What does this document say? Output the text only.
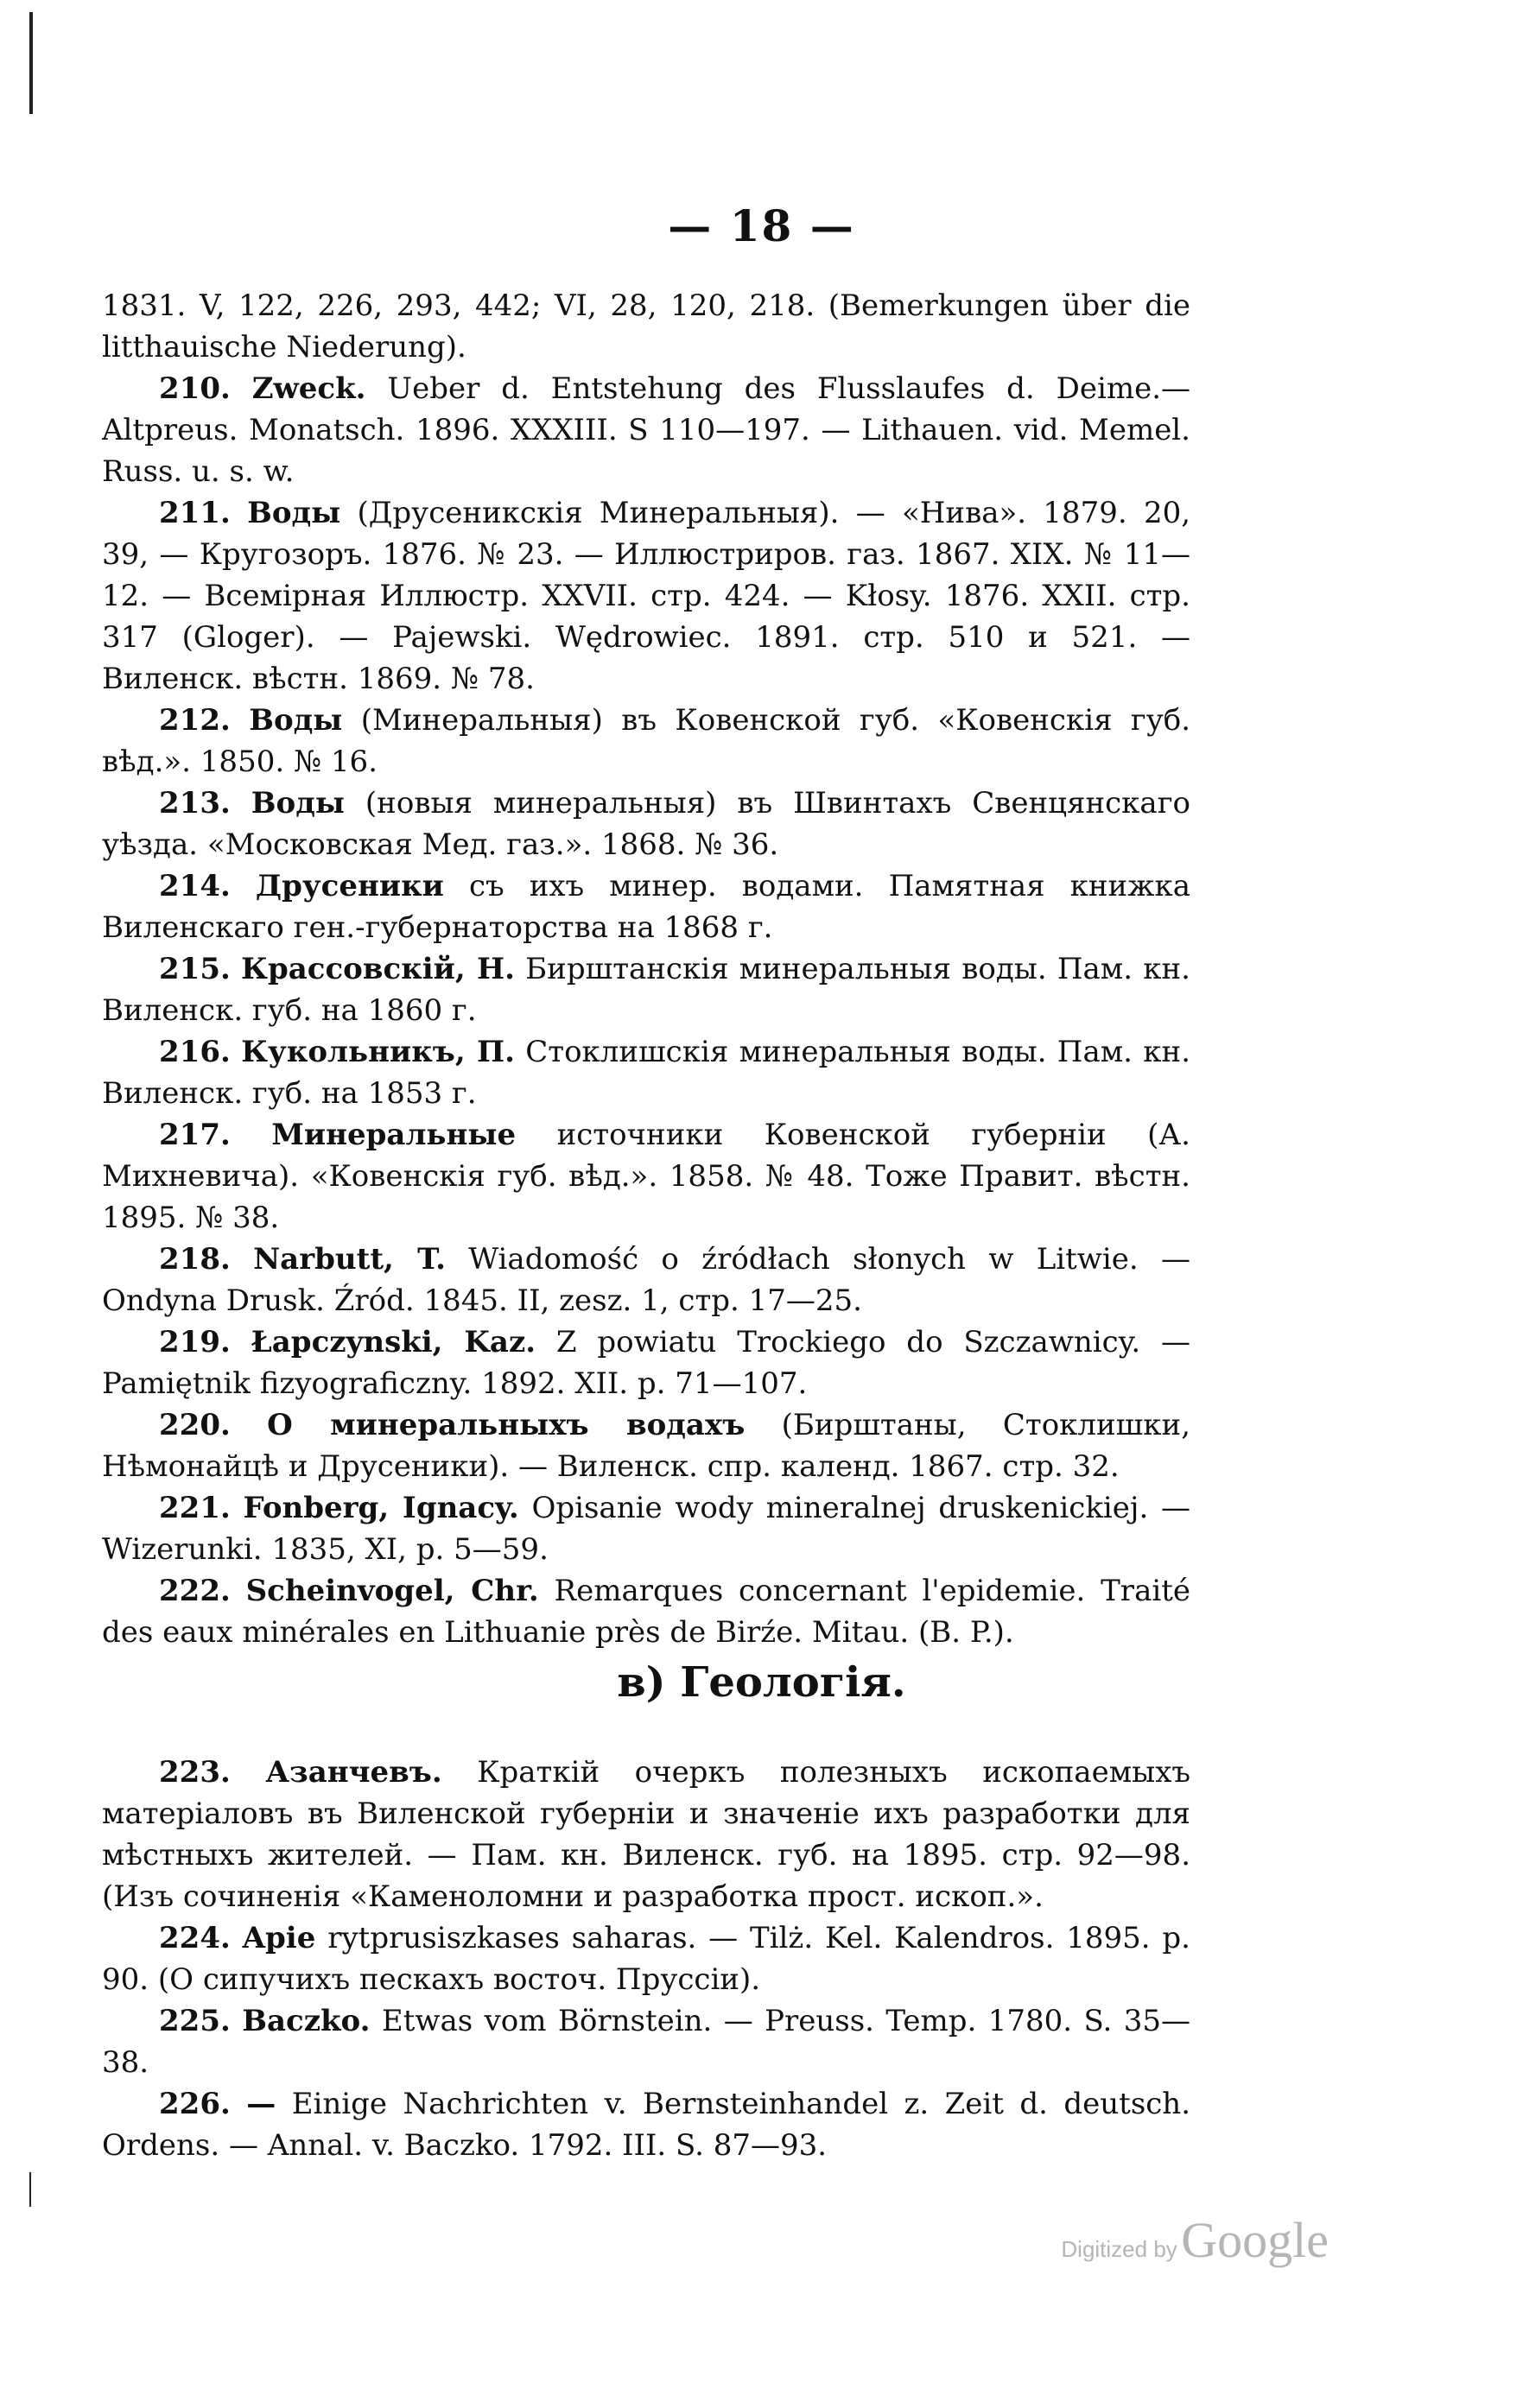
— 18 —

1831. V, 122, 226, 293, 442; VI, 28, 120, 218. (Bemerkungen über die litthauische Niederung).

210. Zweck. Ueber d. Entstehung des Flusslaufes d. Deime.— Altpreus. Monatsch. 1896. XXXIII. S 110—197. — Lithauen. vid. Memel. Russ. u. s. w.

211. Воды (Друсеникскія Минеральныя). — «Нива». 1879. 20, 39, — Кругозоръ. 1876. № 23. — Иллюстриров. газ. 1867. XIX. № 11—12. — Всемірная Иллюстр. XXVII. стр. 424. — Kłosy. 1876. XXII. стр. 317 (Gloger). — Pajewski. Wędrowiec. 1891. стр. 510 и 521. — Виленск. вѣстн. 1869. № 78.

212. Воды (Минеральныя) въ Ковенской губ. «Ковенскія губ. вѣд.». 1850. № 16.

213. Воды (новыя минеральныя) въ Швинтахъ Свенцянскаго уѣзда. «Московская Мед. газ.». 1868. № 36.

214. Друсеники съ ихъ минер. водами. Памятная книжка Виленскаго ген.-губернаторства на 1868 г.

215. Крассовскій, Н. Бирштанскія минеральныя воды. Пам. кн. Виленск. губ. на 1860 г.

216. Кукольникъ, П. Стоклишскія минеральныя воды. Пам. кн. Виленск. губ. на 1853 г.

217. Минеральные источники Ковенской губерніи (А. Михневича). «Ковенскія губ. вѣд.». 1858. № 48. Тоже Правит. вѣстн. 1895. № 38.

218. Narbutt, T. Wiadomość o źródłach słonych w Litwie. — Ondyna Drusk. Źród. 1845. II, zesz. 1, стр. 17—25.

219. Łapczynski, Kaz. Z powiatu Trockiego do Szczawnicy. — Pamiętnik fizyograficzny. 1892. XII. p. 71—107.

220. О минеральныхъ водахъ (Бирштаны, Стоклишки, Нѣмонайцѣ и Друсеники). — Виленск. спр. календ. 1867. стр. 32.

221. Fonberg, Ignacy. Opisanie wody mineralnej druskenickiej. — Wizerunki. 1835, XI, p. 5—59.

222. Scheinvogel, Chr. Remarques concernant l'epidemie. Traité des eaux minérales en Lithuanie près de Birźe. Mitau. (B. P.).

в) Геологія.

223. Азанчевъ. Краткій очеркъ полезныхъ ископаемыхъ матеріаловъ въ Виленской губерніи и значеніе ихъ разработки для мѣстныхъ жителей. — Пам. кн. Виленск. губ. на 1895. стр. 92—98. (Изъ сочиненія «Каменоломни и разработка прост. ископ.».

224. Apie rytprusiszkases saharas. — Tilż. Kel. Kalendros. 1895. p. 90. (О сипучихъ пескахъ восточ. Пруссіи).

225. Baczko. Etwas vom Börnstein. — Preuss. Temp. 1780. S. 35—38.

226. — Einige Nachrichten v. Bernsteinhandel z. Zeit d. deutsch. Ordens. — Annal. v. Baczko. 1792. III. S. 87—93.

Digitized by Google
